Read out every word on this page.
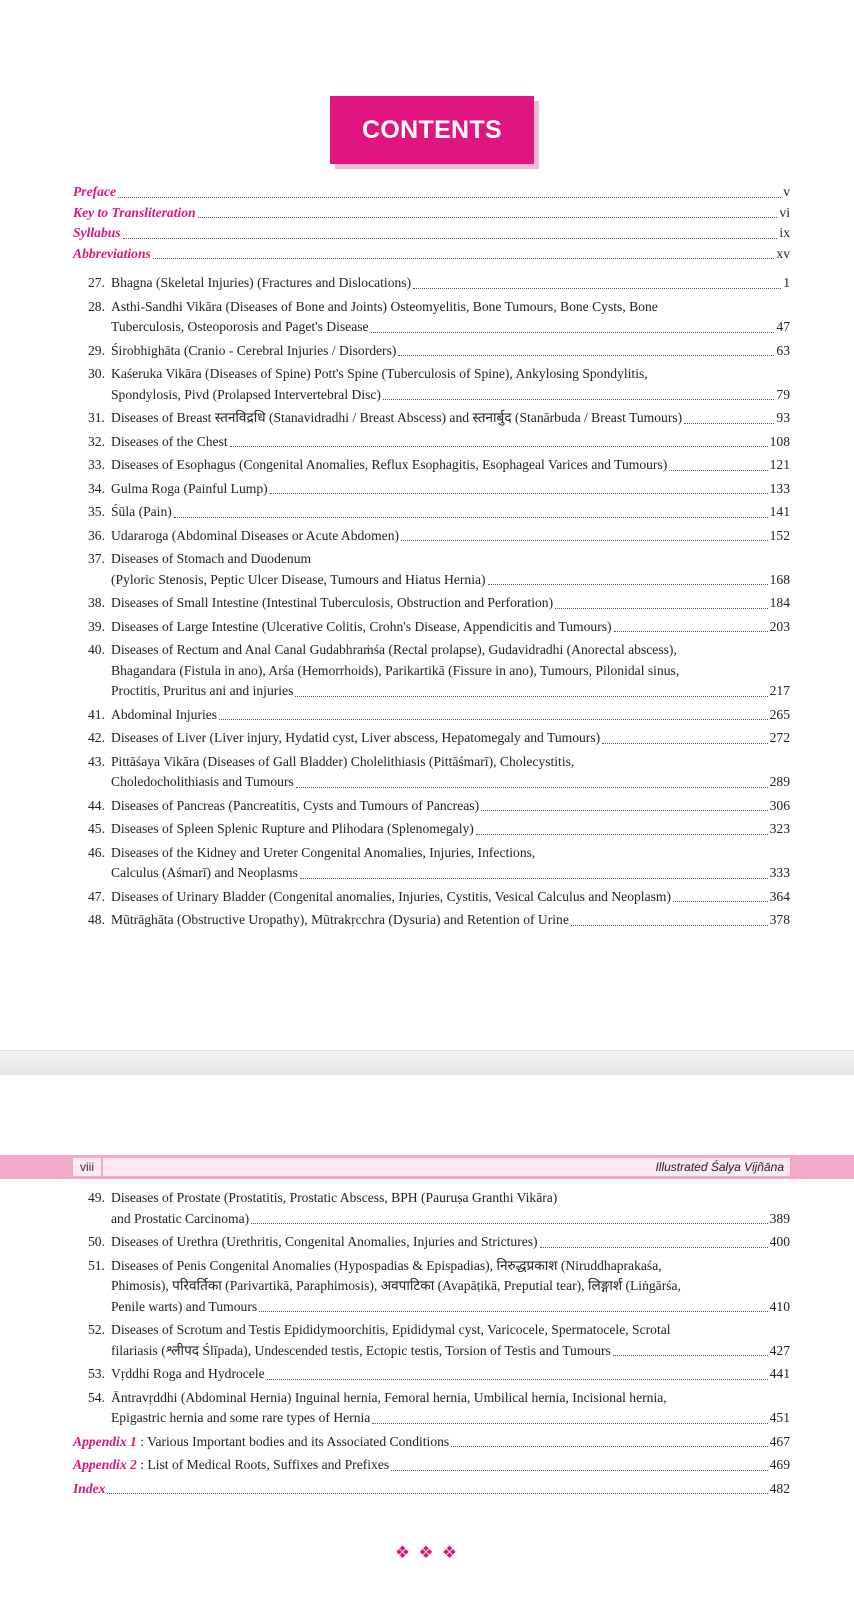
CONTENTS
Preface	v
Key to Transliteration	vi
Syllabus	ix
Abbreviations	xv
27. Bhagna (Skeletal Injuries) (Fractures and Dislocations)	1
28. Asthi-Sandhi Vikāra (Diseases of Bone and Joints) Osteomyelitis, Bone Tumours, Bone Cysts, Bone
Tuberculosis, Osteoporosis and Paget's Disease	47
29. Śirobhighāta (Cranio - Cerebral Injuries / Disorders)	63
30. Kaśeruka Vikāra (Diseases of Spine) Pott's Spine (Tuberculosis of Spine), Ankylosing Spondylitis,
Spondylosis, Pivd (Prolapsed Intervertebral Disc)	79
31. Diseases of Breast स्तनविद्रधि (Stanavidradhi / Breast Abscess) and स्तनार्बुद (Stanārbuda / Breast Tumours)	93
32. Diseases of the Chest	108
33. Diseases of Esophagus (Congenital Anomalies, Reflux Esophagitis, Esophageal Varices and Tumours)	121
34. Gulma Roga (Painful Lump)	133
35. Śūla (Pain)	141
36. Udararoga (Abdominal Diseases or Acute Abdomen)	152
37. Diseases of Stomach and Duodenum
(Pyloric Stenosis, Peptic Ulcer Disease, Tumours and Hiatus Hernia)	168
38. Diseases of Small Intestine (Intestinal Tuberculosis, Obstruction and Perforation)	184
39. Diseases of Large Intestine (Ulcerative Colitis, Crohn's Disease, Appendicitis and Tumours)	203
40. Diseases of Rectum and Anal Canal Gudabhraṁśa (Rectal prolapse), Gudavidradhi (Anorectal abscess),
Bhagandara (Fistula in ano), Arśa (Hemorrhoids), Parikartikā (Fissure in ano), Tumours, Pilonidal sinus,
Proctitis, Pruritus ani and injuries	217
41. Abdominal Injuries	265
42. Diseases of Liver (Liver injury, Hydatid cyst, Liver abscess, Hepatomegaly and Tumours)	272
43. Pittāśaya Vikāra (Diseases of Gall Bladder) Cholelithiasis (Pittāśmarī), Cholecystitis,
Choledocholithiasis and Tumours	289
44. Diseases of Pancreas (Pancreatitis, Cysts and Tumours of Pancreas)	306
45. Diseases of Spleen Splenic Rupture and Plihodara (Splenomegaly)	323
46. Diseases of the Kidney and Ureter Congenital Anomalies, Injuries, Infections,
Calculus (Aśmarī) and Neoplasms	333
47. Diseases of Urinary Bladder (Congenital anomalies, Injuries, Cystitis, Vesical Calculus and Neoplasm)	364
48. Mūtrāghāta (Obstructive Uropathy), Mūtrakṛcchra (Dysuria) and Retention of Urine	378
viii	Illustrated Śalya Vijñāna
49. Diseases of Prostate (Prostatitis, Prostatic Abscess, BPH (Pauruṣa Granthi Vikāra)
and Prostatic Carcinoma)	389
50. Diseases of Urethra (Urethritis, Congenital Anomalies, Injuries and Strictures)	400
51. Diseases of Penis Congenital Anomalies (Hypospadias & Epispadias), निरुद्धप्रकाश (Niruddhaprakaśa,
Phimosis), परिवर्तिका (Parivartikā, Paraphimosis), अवपाटिका (Avapāṭikā, Preputial tear), लिङ्गार्श (Liṅgārśa,
Penile warts) and Tumours	410
52. Diseases of Scrotum and Testis Epididymoorchitis, Epididymal cyst, Varicocele, Spermatocele, Scrotal
filariasis (श्लीपद Ślīpada), Undescended testis, Ectopic testis, Torsion of Testis and Tumours	427
53. Vṛddhi Roga and Hydrocele	441
54. Āntravṛddhi (Abdominal Hernia) Inguinal hernia, Femoral hernia, Umbilical hernia, Incisional hernia,
Epigastric hernia and some rare types of Hernia	451
Appendix 1 : Various Important bodies and its Associated Conditions	467
Appendix 2 : List of Medical Roots, Suffixes and Prefixes	469
Index	482
❖ ❖ ❖
